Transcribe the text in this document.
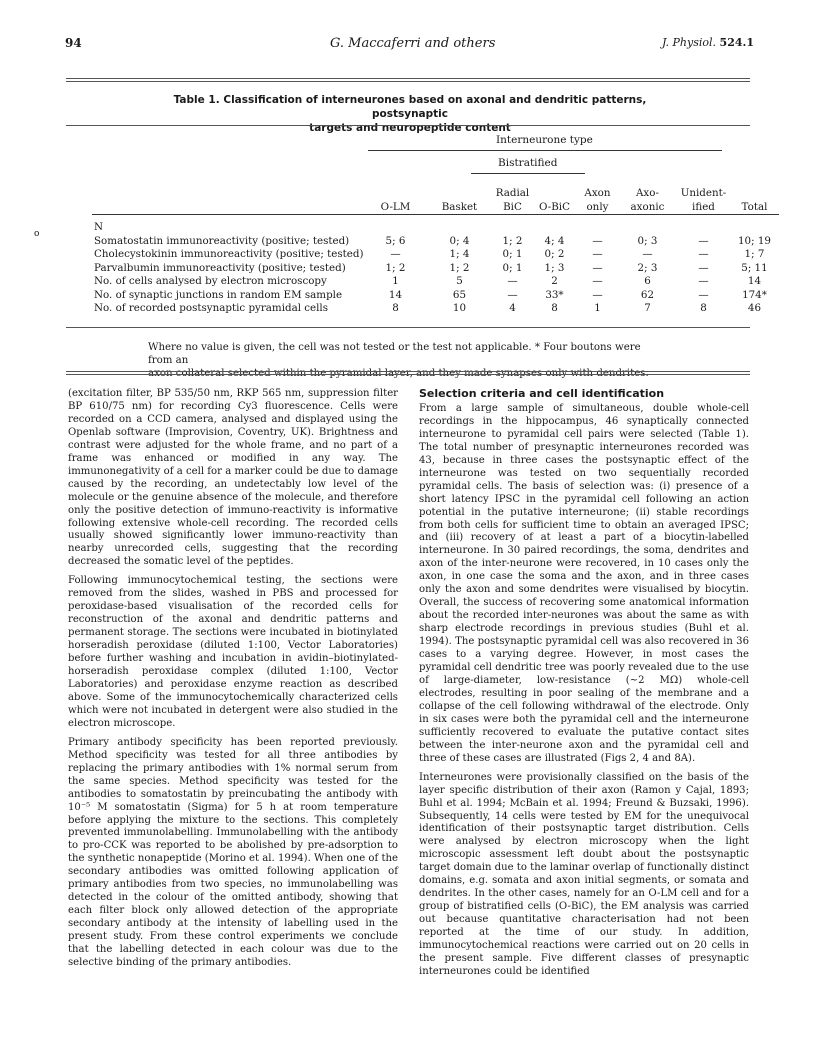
94	G. Maccaferri and others	J. Physiol. 524.1
Table 1. Classification of interneurones based on axonal and dendritic patterns, postsynaptic
targets and neuropeptide content
Interneurone type
Bistratified
o
			Radial		Axon	Axo-	Unident-	
	O-LM	Basket	BiC	O-BiC	only	axonic	ified	Total

N								
Somatostatin immunoreactivity (positive; tested)	5; 6	0; 4	1; 2	4; 4	—	0; 3	—	10; 19
Cholecystokinin immunoreactivity (positive; tested)	—	1; 4	0; 1	0; 2	—	—	—	1; 7
Parvalbumin immunoreactivity (positive; tested)	1; 2	1; 2	0; 1	1; 3	—	2; 3	—	5; 11
No. of cells analysed by electron microscopy	1	5	—	2	—	6	—	14
No. of synaptic junctions in random EM sample	14	65	—	33*	—	62	—	174*
No. of recorded postsynaptic pyramidal cells	8	10	4	8	1	7	8	46
Where no value is given, the cell was not tested or the test not applicable. * Four boutons were from an
axon collateral selected within the pyramidal layer, and they made synapses only with dendrites.

(excitation filter, BP 535/50 nm, RKP 565 nm, suppression filter BP 610/75 nm) for recording Cy3 fluorescence. Cells were recorded on a CCD camera, analysed and displayed using the Openlab software (Improvision, Coventry, UK). Brightness and contrast were adjusted for the whole frame, and no part of a frame was enhanced or modified in any way. The immunonegativity of a cell for a marker could be due to damage caused by the recording, an undetectably low level of the molecule or the genuine absence of the molecule, and therefore only the positive detection of immuno-reactivity is informative following extensive whole-cell recording. The recorded cells usually showed significantly lower immuno-reactivity than nearby unrecorded cells, suggesting that the recording decreased the somatic level of the peptides.

Following immunocytochemical testing, the sections were removed from the slides, washed in PBS and processed for peroxidase-based visualisation of the recorded cells for reconstruction of the axonal and dendritic patterns and permanent storage. The sections were incubated in biotinylated horseradish peroxidase (diluted 1:100, Vector Laboratories) before further washing and incubation in avidin–biotinylated-horseradish peroxidase complex (diluted 1:100, Vector Laboratories) and peroxidase enzyme reaction as described above. Some of the immunocytochemically characterized cells which were not incubated in detergent were also studied in the electron microscope.

Primary antibody specificity has been reported previously. Method specificity was tested for all three antibodies by replacing the primary antibodies with 1% normal serum from the same species. Method specificity was tested for the antibodies to somatostatin by preincubating the antibody with 10⁻⁵ M somatostatin (Sigma) for 5 h at room temperature before applying the mixture to the sections. This completely prevented immunolabelling. Immunolabelling with the antibody to pro-CCK was reported to be abolished by pre-adsorption to the synthetic nonapeptide (Morino et al. 1994). When one of the secondary antibodies was omitted following application of primary antibodies from two species, no immunolabelling was detected in the colour of the omitted antibody, showing that each filter block only allowed detection of the appropriate secondary antibody at the intensity of labelling used in the present study. From these control experiments we conclude that the labelling detected in each colour was due to the selective binding of the primary antibodies.

Selection criteria and cell identification

From a large sample of simultaneous, double whole-cell recordings in the hippocampus, 46 synaptically connected interneurone to pyramidal cell pairs were selected (Table 1). The total number of presynaptic interneurones recorded was 43, because in three cases the postsynaptic effect of the interneurone was tested on two sequentially recorded pyramidal cells. The basis of selection was: (i) presence of a short latency IPSC in the pyramidal cell following an action potential in the putative interneurone; (ii) stable recordings from both cells for sufficient time to obtain an averaged IPSC; and (iii) recovery of at least a part of a biocytin-labelled interneurone. In 30 paired recordings, the soma, dendrites and axon of the inter-neurone were recovered, in 10 cases only the axon, in one case the soma and the axon, and in three cases only the axon and some dendrites were visualised by biocytin. Overall, the success of recovering some anatomical information about the recorded inter-neurones was about the same as with sharp electrode recordings in previous studies (Buhl et al. 1994). The postsynaptic pyramidal cell was also recovered in 36 cases to a varying degree. However, in most cases the pyramidal cell dendritic tree was poorly revealed due to the use of large-diameter, low-resistance (~2 MΩ) whole-cell electrodes, resulting in poor sealing of the membrane and a collapse of the cell following withdrawal of the electrode. Only in six cases were both the pyramidal cell and the interneurone sufficiently recovered to evaluate the putative contact sites between the inter-neurone axon and the pyramidal cell and three of these cases are illustrated (Figs 2, 4 and 8A).

Interneurones were provisionally classified on the basis of the layer specific distribution of their axon (Ramon y Cajal, 1893; Buhl et al. 1994; McBain et al. 1994; Freund & Buzsaki, 1996). Subsequently, 14 cells were tested by EM for the unequivocal identification of their postsynaptic target distribution. Cells were analysed by electron microscopy when the light microscopic assessment left doubt about the postsynaptic target domain due to the laminar overlap of functionally distinct domains, e.g. somata and axon initial segments, or somata and dendrites. In the other cases, namely for an O-LM cell and for a group of bistratified cells (O-BiC), the EM analysis was carried out because quantitative characterisation had not been reported at the time of our study. In addition, immunocytochemical reactions were carried out on 20 cells in the present sample. Five different classes of presynaptic interneurones could be identified
